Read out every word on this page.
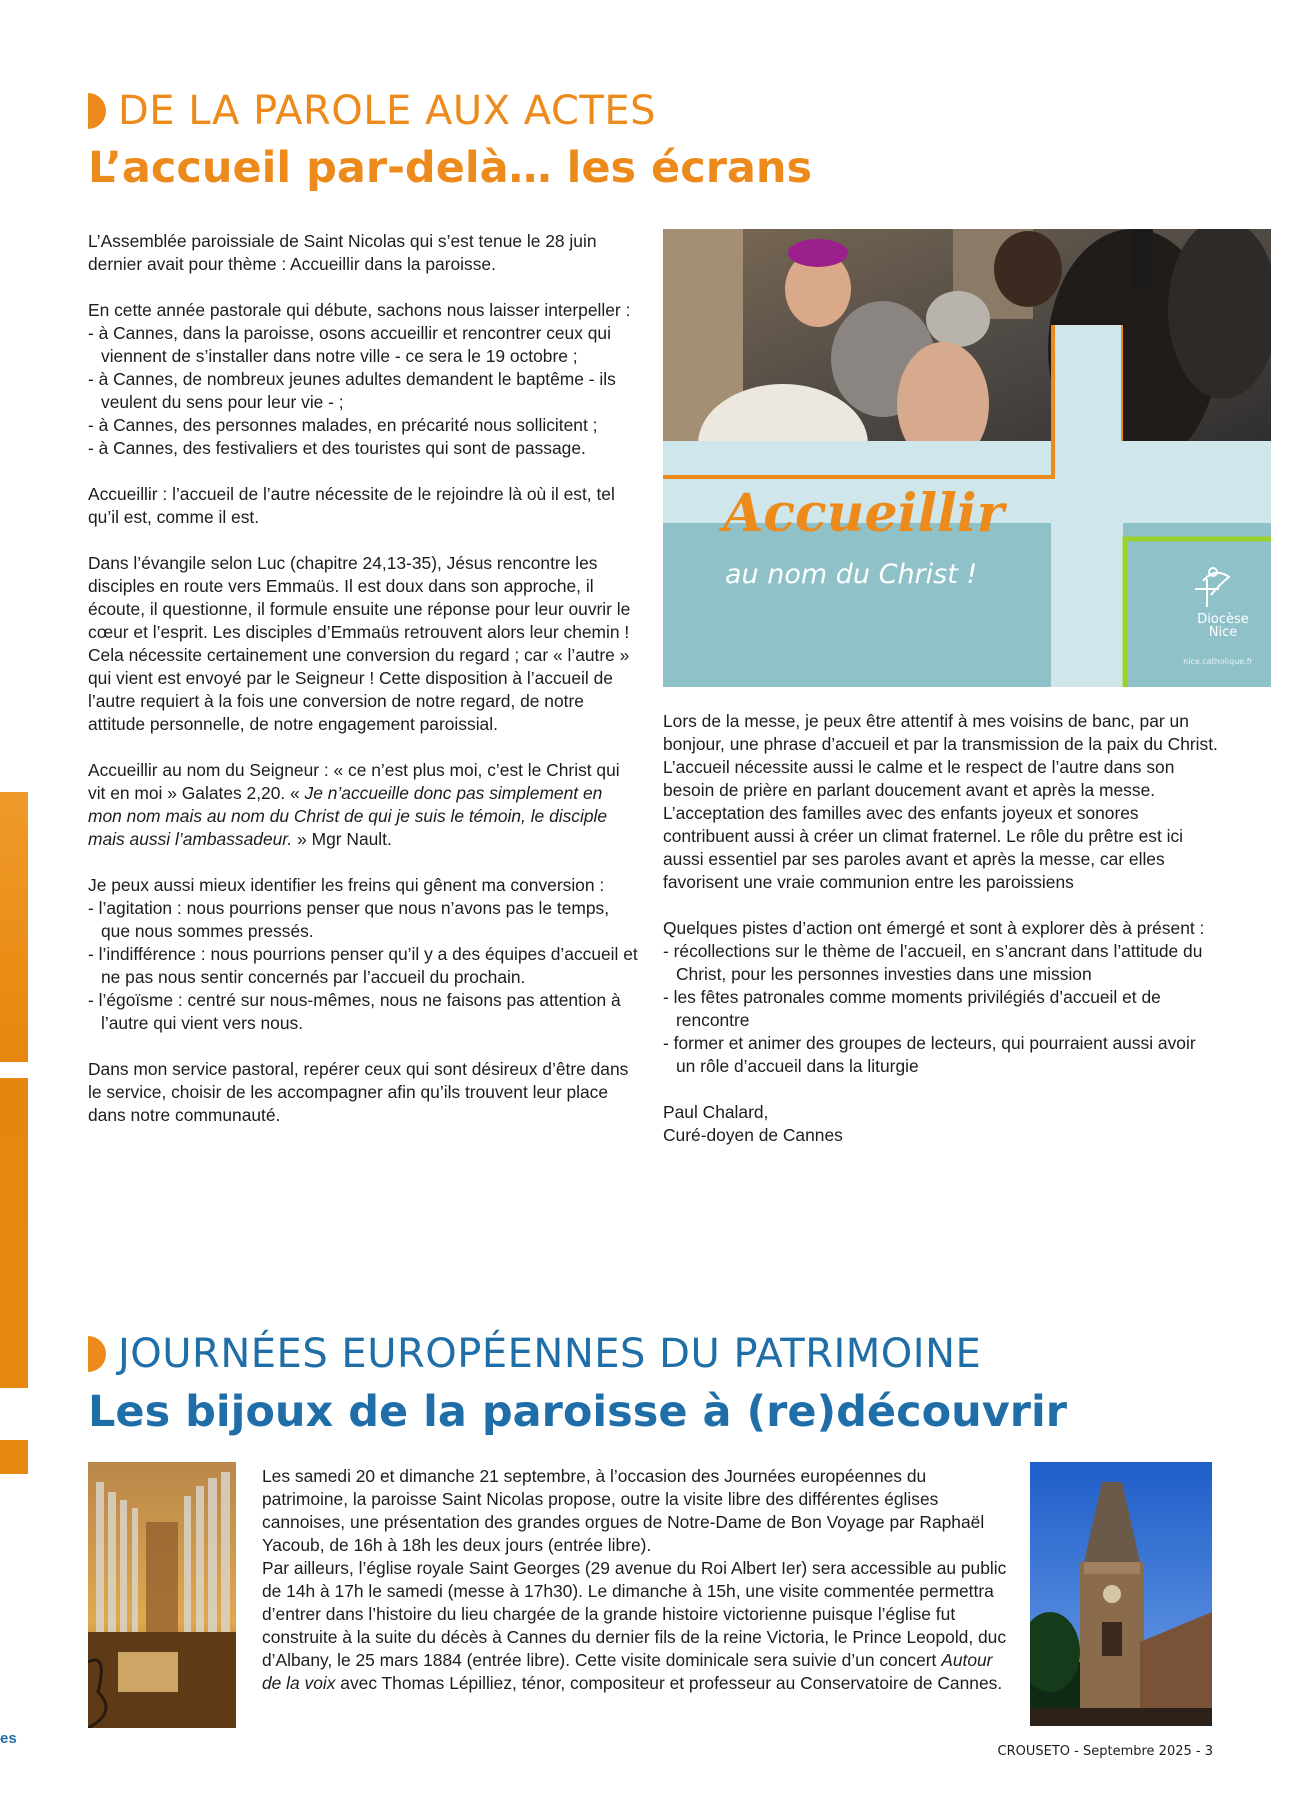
es
DE LA PAROLE AUX ACTES
L’accueil par-delà… les écrans

L’Assemblée paroissiale de Saint Nicolas qui s’est tenue le 28 juin dernier avait pour thème : Accueillir dans la paroisse.

En cette année pastorale qui débute, sachons nous laisser interpeller :
- à Cannes, dans la paroisse, osons accueillir et rencontrer ceux qui viennent de s’installer dans notre ville - ce sera le 19 octobre ;
- à Cannes, de nombreux jeunes adultes demandent le baptême - ils veulent du sens pour leur vie - ;
- à Cannes, des personnes malades, en précarité nous sollicitent ;
- à Cannes, des festivaliers et des touristes qui sont de passage.

Accueillir : l’accueil de l’autre nécessite de le rejoindre là où il est, tel qu’il est, comme il est.

Dans l’évangile selon Luc (chapitre 24,13-35), Jésus rencontre les disciples en route vers Emmaüs. Il est doux dans son approche, il écoute, il questionne, il formule ensuite une réponse pour leur ouvrir le cœur et l’esprit. Les disciples d’Emmaüs retrouvent alors leur chemin ! Cela nécessite certainement une conversion du regard ; car « l’autre » qui vient est envoyé par le Seigneur ! Cette disposition à l’accueil de l’autre requiert à la fois une conversion de notre regard, de notre attitude personnelle, de notre engagement paroissial.

Accueillir au nom du Seigneur : « ce n’est plus moi, c’est le Christ qui vit en moi » Galates 2,20. « Je n’accueille donc pas simplement en mon nom mais au nom du Christ de qui je suis le témoin, le disciple mais aussi l’ambassadeur. » Mgr Nault.

Je peux aussi mieux identifier les freins qui gênent ma conversion :
- l’agitation : nous pourrions penser que nous n’avons pas le temps, que nous sommes pressés.
- l’indifférence : nous pourrions penser qu’il y a des équipes d’accueil et ne pas nous sentir concernés par l’accueil du prochain.
- l’égoïsme : centré sur nous-mêmes, nous ne faisons pas attention à l’autre qui vient vers nous.

Dans mon service pastoral, repérer ceux qui sont désireux d’être dans le service, choisir de les accompagner afin qu’ils trouvent leur place dans notre communauté.

Accueillir
au nom du Christ !
Diocèse
Nice
nice.catholique.fr
Lors de la messe, je peux être attentif à mes voisins de banc, par un bonjour, une phrase d’accueil et par la transmission de la paix du Christ.
L’accueil nécessite aussi le calme et le respect de l’autre dans son besoin de prière en parlant doucement avant et après la messe.

L’acceptation des familles avec des enfants joyeux et sonores contribuent aussi à créer un climat fraternel. Le rôle du prêtre est ici aussi essentiel par ses paroles avant et après la messe, car elles favorisent une vraie communion entre les paroissiens

Quelques pistes d’action ont émergé et sont à explorer dès à présent :
- récollections sur le thème de l’accueil, en s’ancrant dans l’attitude du Christ, pour les personnes investies dans une mission
- les fêtes patronales comme moments privilégiés d’accueil et de rencontre
- former et animer des groupes de lecteurs, qui pourraient aussi avoir un rôle d’accueil dans la liturgie
Paul Chalard,
Curé-doyen de Cannes
JOURNÉES EUROPÉENNES DU PATRIMOINE
Les bijoux de la paroisse à (re)découvrir
Les samedi 20 et dimanche 21 septembre, à l’occasion des Journées européennes du patrimoine, la paroisse Saint Nicolas propose, outre la visite libre des différentes églises cannoises, une présentation des grandes orgues de Notre-Dame de Bon Voyage par Raphaël Yacoub, de 16h à 18h les deux jours (entrée libre).
Par ailleurs, l’église royale Saint Georges (29 avenue du Roi Albert Ier) sera accessible au public de 14h à 17h le samedi (messe à 17h30). Le dimanche à 15h, une visite commentée permettra d’entrer dans l’histoire du lieu chargée de la grande histoire victorienne puisque l’église fut construite à la suite du décès à Cannes du dernier fils de la reine Victoria, le Prince Leopold, duc d’Albany, le 25 mars 1884 (entrée libre). Cette visite dominicale sera suivie d’un concert Autour de la voix avec Thomas Lépilliez, ténor, compositeur et professeur au Conservatoire de Cannes.
CROUSETO - Septembre 2025 - 3
